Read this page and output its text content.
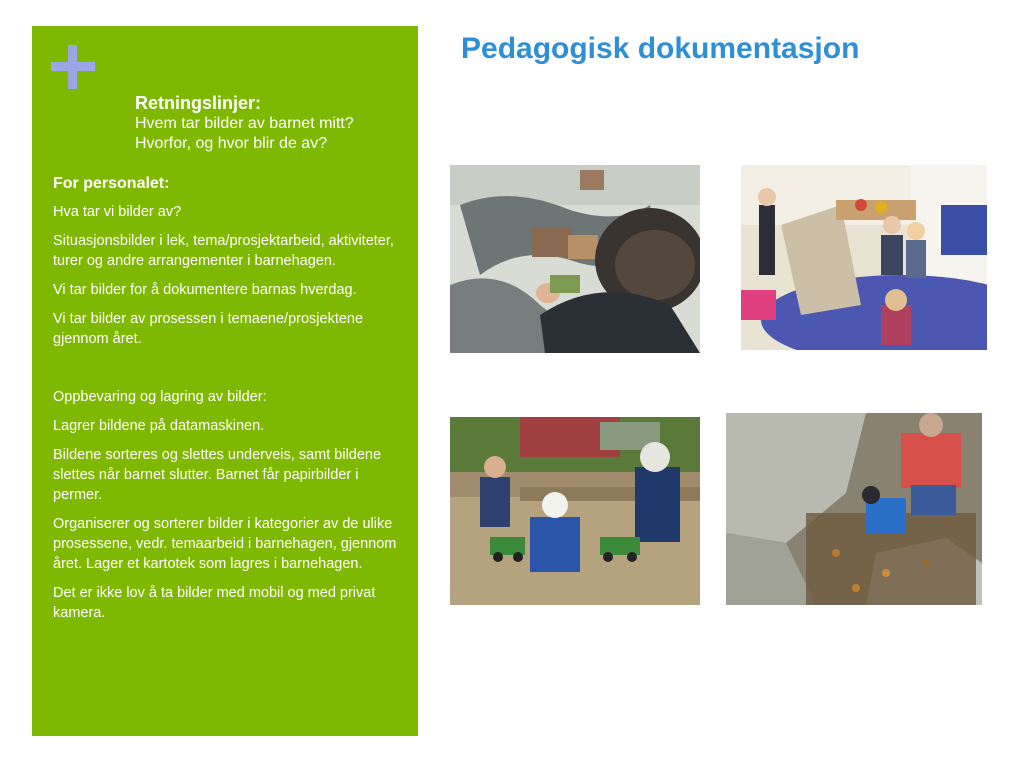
Retningslinjer:
Hvem tar bilder av barnet mitt?
Hvorfor, og hvor blir de av?
For personalet:

Hva tar vi bilder av?

Situasjonsbilder i lek, tema/prosjektarbeid, aktiviteter, turer og andre arrangementer i barnehagen.

Vi tar bilder for å dokumentere barnas hverdag.

Vi tar bilder av prosessen i temaene/prosjektene gjennom året.

Oppbevaring og lagring av bilder:

Lagrer bildene på datamaskinen.

Bildene sorteres og slettes underveis, samt bildene slettes når barnet slutter. Barnet får papirbilder i permer.

Organiserer og sorterer bilder i kategorier av de ulike prosessene, vedr. temaarbeid i barnehagen, gjennom året. Lager et kartotek som lagres i barnehagen.

Det er ikke lov å ta bilder med mobil og med privat kamera.

Pedagogisk dokumentasjon
